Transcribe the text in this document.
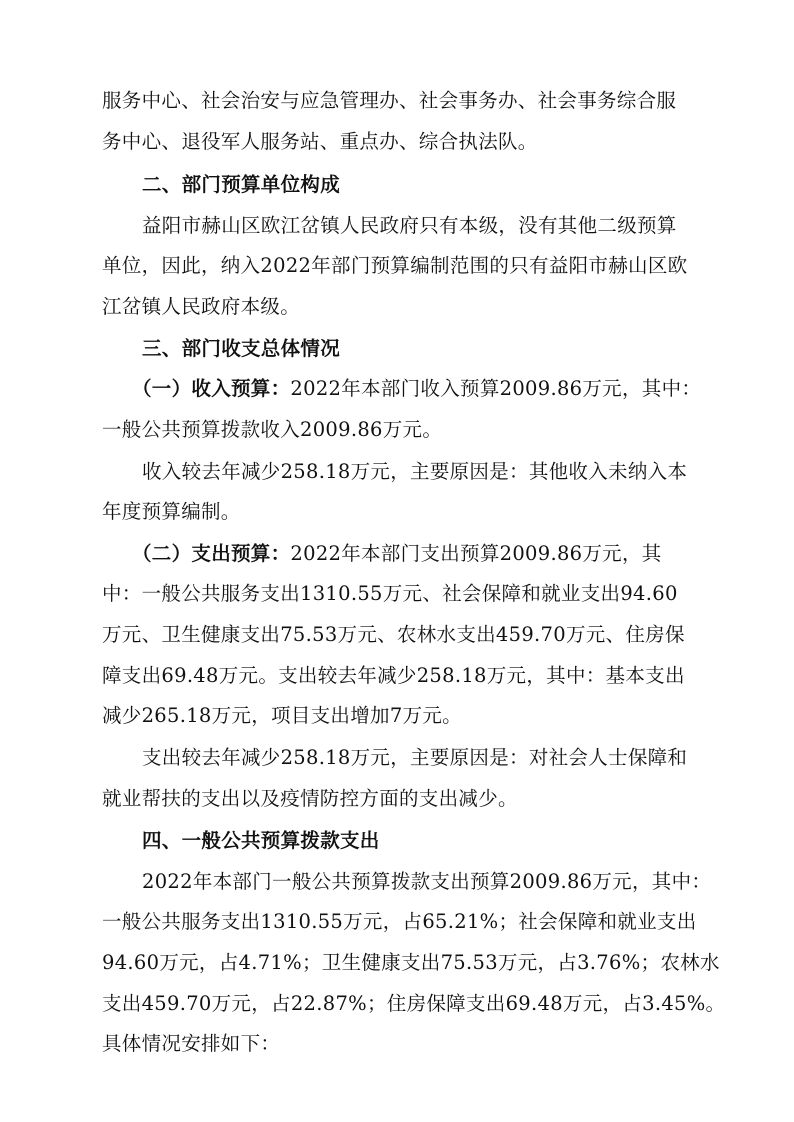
服务中心、社会治安与应急管理办、社会事务办、社会事务综合服
务中心、退役军人服务站、重点办、综合执法队。
二、部门预算单位构成
益阳市赫山区欧江岔镇人民政府只有本级，没有其他二级预算
单位，因此，纳入2022年部门预算编制范围的只有益阳市赫山区欧
江岔镇人民政府本级。
三、部门收支总体情况
（一）收入预算：2022年本部门收入预算2009.86万元，其中：
一般公共预算拨款收入2009.86万元。
收入较去年减少258.18万元，主要原因是：其他收入未纳入本
年度预算编制。
（二）支出预算：2022年本部门支出预算2009.86万元，其
中：一般公共服务支出1310.55万元、社会保障和就业支出94.60
万元、卫生健康支出75.53万元、农林水支出459.70万元、住房保
障支出69.48万元。支出较去年减少258.18万元，其中：基本支出
减少265.18万元，项目支出增加7万元。
支出较去年减少258.18万元，主要原因是：对社会人士保障和
就业帮扶的支出以及疫情防控方面的支出减少。
四、一般公共预算拨款支出
2022年本部门一般公共预算拨款支出预算2009.86万元，其中：
一般公共服务支出1310.55万元，占65.21%；社会保障和就业支出
94.60万元，占4.71%；卫生健康支出75.53万元，占3.76%；农林水
支出459.70万元，占22.87%；住房保障支出69.48万元，占3.45%。
具体情况安排如下：
